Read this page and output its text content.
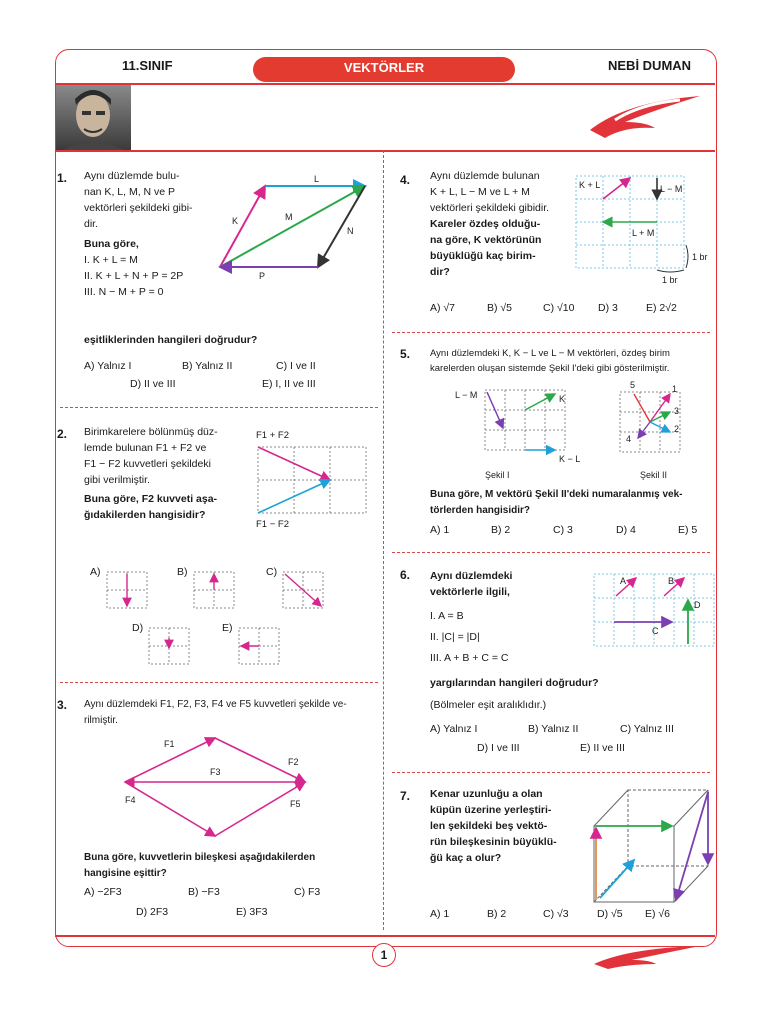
11.SINIF	VEKTÖRLER	NEBİ DUMAN
1. Aynı düzlemde bulu-
nan K, L, M, N ve P
vektörleri şekildeki gibi-
dir.
Buna göre,
I. K + L = M
II. K + L + N + P = 2P
III. N − M + P = 0
K
L
M
N
P
eşitliklerinden hangileri doğrudur?
A) Yalnız I	B) Yalnız II	C) I ve II
D) II ve III	E) I, II ve III
2. Birimkarelere bölünmüş düz-
lemde bulunan F1 + F2 ve
F1 − F2 kuvvetleri şekildeki
gibi verilmiştir.
Buna göre, F2 kuvveti aşa-
ğıdakilerden hangisidir?
F1 + F2
F1 − F2
A)	B)	C)
D)	E)
3. Aynı düzlemdeki F1, F2, F3, F4 ve F5 kuvvetleri şekilde ve-
rilmiştir.
F1
F2
F3
F4	F5
Buna göre, kuvvetlerin bileşkesi aşağıdakilerden
hangisine eşittir?
A) −2F3	B) −F3	C) F3
D) 2F3	E) 3F3
4. Aynı düzlemde bulunan
K + L, L − M ve L + M
vektörleri şekildeki gibidir.
Kareler özdeş olduğu-
na göre, K vektörünün
büyüklüğü kaç birim-
dir?
K + L	L − M
L + M
1 br
1 br
A) √7	B) √5	C) √10 D) 3	E) 2√2
5. Aynı düzlemdeki K, K − L ve L − M vektörleri, özdeş birim
karelerden oluşan sistemde Şekil I'deki gibi gösterilmiştir.
L − M	K
K − L
Şekil I
1
2
3
4
5
Şekil II
Buna göre, M vektörü Şekil II'deki numaralanmış vek-
törlerden hangisidir?
A) 1	B) 2	C) 3	D) 4	E) 5
6. Aynı düzlemdeki
vektörlerle ilgili,
I. A = B
II. |C| = |D|
III. A + B + C = C
A	B
C
D
yargılarından hangileri doğrudur?
(Bölmeler eşit aralıklıdır.)
A) Yalnız I	B) Yalnız II	C) Yalnız III
D) I ve III	E) II ve III
7. Kenar uzunluğu a olan
küpün üzerine yerleştiri-
len şekildeki beş vektö-
rün bileşkesinin büyüklü-
ğü kaç a olur?
A) 1	B) 2	C) √3	D) √5 E) √6
1
